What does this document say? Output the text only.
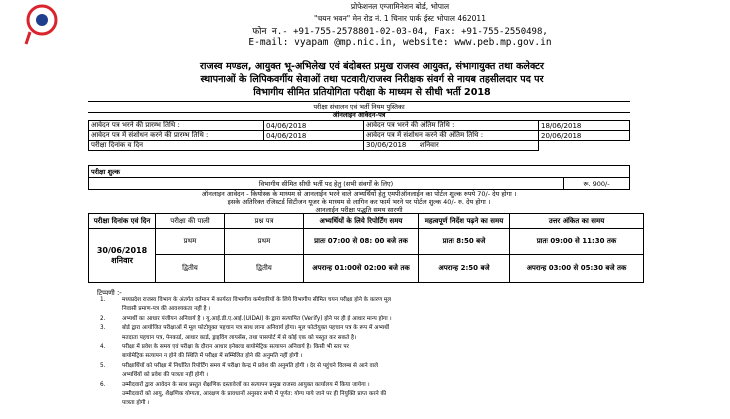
प्रोफेशनल एग्जामिनेशन बोर्ड, भोपाल
"चयन भवन" मेन रोड नं. 1 चिनार पार्क ईस्ट भोपाल 462011
फोन न.- +91-755-2578801-02-03-04, Fax: +91-755-2550498,
E-mail: vyapam @mp.nic.in, website: www.peb.mp.gov.in
राजस्व मण्डल, आयुक्त भू-अभिलेख एवं बंदोबस्त प्रमुख राजस्व आयुक्त, संभागायुक्त तथा कलेक्टर
स्थापनाओं के लिपिकवर्गीय सेवाओं तथा पटवारी/राजस्व निरीक्षक संवर्ग से नायब तहसीलदार पद पर
विभागीय सीमित प्रतियोगिता परीक्षा के माध्यम से सीधी भर्ती 2018
परीक्षा संचालन एवं भर्ती नियम पुस्तिका
ऑनलाइन आवेदन-पत्र
आवेदन पत्र भरने की प्रारम्भ तिथि :	04/06/2018	आवेदन पत्र भरने की अंतिम तिथि :	18/06/2018
आवेदन पत्र में संशोधन करने की प्रारम्भ तिथि :	04/06/2018	आवेदन पत्र में संशोधन करने की अंतिम तिथि :	20/06/2018
परीक्षा दिनांक व दिन		30/06/2018 शनिवार	
परीक्षा शुल्क
विभागीय सीमित सीधी भर्ती पद हेतु (सभी संवर्गों के लिए)	रू. 900/-
ऑनलाइन आवेदन - कियोस्क के माध्यम से आनलाईन भरने वाले अभ्यर्थियों हेतु एमपीऑनलाईन का पोर्टल शुल्क रुपये 70/- देय होगा ।
इसके अतिरिक्त रजिस्टर्ड सिटीजन यूजर के माध्यम से लागिन कर फार्म भरने पर पोर्टल शुल्क 40/- रु. देय होगा ।
आनलाईन परीक्षा पद्धति समय सारणी
परीक्षा दिनांक एवं दिन	परीक्षा की पाली	प्रश्न पत्र	अभ्यर्थियों के लिये रिपोर्टिंग समय	महत्वपूर्ण निर्देश पढ़ने का समय	उत्तर अंकित का समय

30/06/2018
शनिवार	प्रथम	प्रथम	प्रातः 07:00 से 08: 00 बजे तक	प्रातः 8:50 बजे	प्रातः 09:00 से 11:30 तक
	द्वितीय	द्वितीय	अपरान्ह 01:00से 02:00 बजे तक	अपरान्ह 2:50 बजे	अपरान्ह 03:00 से 05:30 बजे तक
टिप्पणी :-
1.	मध्यप्रदेश राजस्व विभाग के अंतर्गत वर्तमान में कार्यरत विभागीय कर्मचारियों के लिये विभागीय सीमित चयन परीक्षा होने के कारण मूल
निवासी प्रमाण-पत्र की आवश्यकता नहीं है ।
2.	अभ्यर्थी का आधार पंजीयन अनिवार्य है । यू.आई.डी.ए.आई.(UIDAI) के द्वारा सत्यापित (Verify) होने पर ही ई आधार मान्य होगा ।
3.	बोर्ड द्वारा आयोजित परीक्षाओं में मूल फोटोयुक्त पहचान पत्र साथ लाना अनिवार्य होगा। मूल फोटोयुक्त पहचान पत्र के रूप में अभ्यर्थी
मतदाता पहचान पत्र, पेनकार्ड, आधार कार्ड, ड्राइविंग लायसेंस, तथा पासपोर्ट में से कोई एक को पस्तुत कर सकते है।
4.	परीक्षा में प्रवेश के समय एवं परीक्षा के दौरान आधार इनेबल्ड बायोमेट्रिक सत्यापन अनिवार्य है। किसी भी स्तर पर
बायोमेट्रिक सत्यापन न होने की स्थिति में परीक्षा में सम्मिलित होने की अनुमति नहीं होगी ।
5.	परीक्षार्थियों को परीक्षा में निर्धारित रिपोर्टिंग समय में परीक्षा केन्द्र में प्रवेश की अनुमति होगी । देर से पहुंचने विलम्ब से आने वाले
अभ्यर्थियों को प्रवेश की पात्रता नहीं होगी ।
6.	उम्मीदवारों द्वारा आवेदन के साथ प्रस्तुत शैक्षणिक दस्तावेजों का सत्यापन प्रमुख राजस्व आयुक्त कार्यालय में किया जायेगा ।
उम्मीदवारों को आयु, शैक्षणिक योग्यता, आरक्षण के प्रावधानों अनुसार सभी में पूर्णत: योग्य पाये जाने पर ही नियुक्ति प्राप्त करने की
पात्रता होगी ।
